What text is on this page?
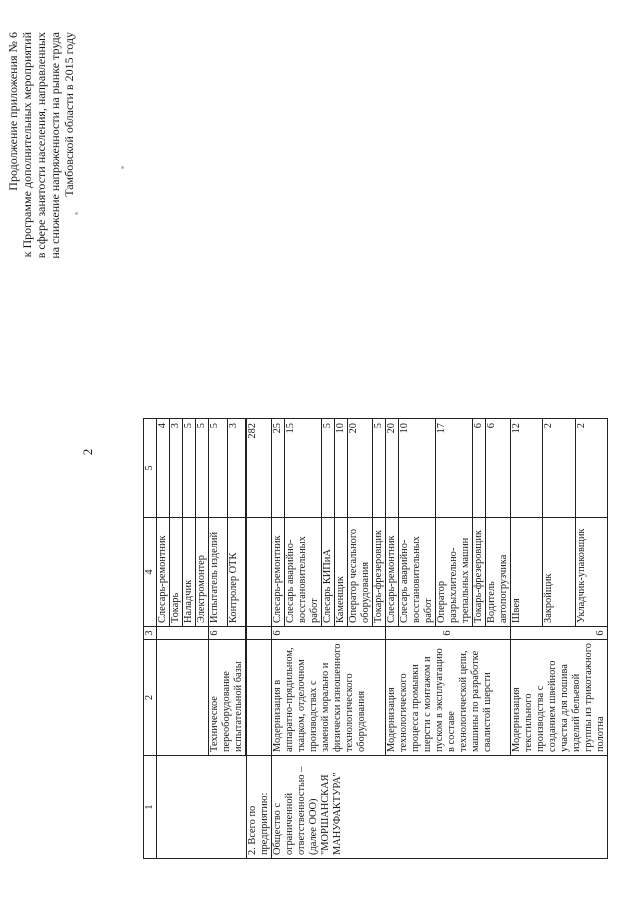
2
Продолжение приложения № 6 к Программе дополнительных мероприятий в сфере занятости населения, направленных на снижение напряженности на рынке труда Тамбовской области в 2015 году
1	2	3	4	5
			Слесарь-ремонтник	4
			Токарь	3
			Наладчик	5
			Электромонтер	5
	Техническое переоборудование испытательной базы	6	Испытатель изделий	5
			Контролер ОТК	3

2. Всего по предприятию:				282
Общество с ограниченной ответственностью – (далее ООО) "МОРШАНСКАЯ МАНУФАКТУРА"	Модернизация в аппаратно-прядильном, ткацком, отделочном производствах с заменой морально и физически изношенного технологического оборудования	6	Слесарь-ремонтник	25
			Слесарь аварийно-восстановительных работ	15
			Слесарь КИПиА	5
			Каменщик	10
			Оператор чесального оборудования	20
			Токарь-фрезеровщик	5
	Модернизация технологического процесса промывки шерсти с монтажом и пуском в эксплуатацию в составе технологической цепи, машины по разработке свалистой шерсти	6	Слесарь-ремонтник	20
			Слесарь аварийно-восстановительных работ	10
			Оператор разрыхлительно-трепальных машин	17
			Токарь-фрезеровщик	6
			Водитель автопогрузчика	6
	Модернизация текстильного производства с созданием швейного участка для пошива изделий бельевой группы из трикотажного полотна	6	Швея	12
			Закройщик	2
			Укладчик-упаковщик	2
